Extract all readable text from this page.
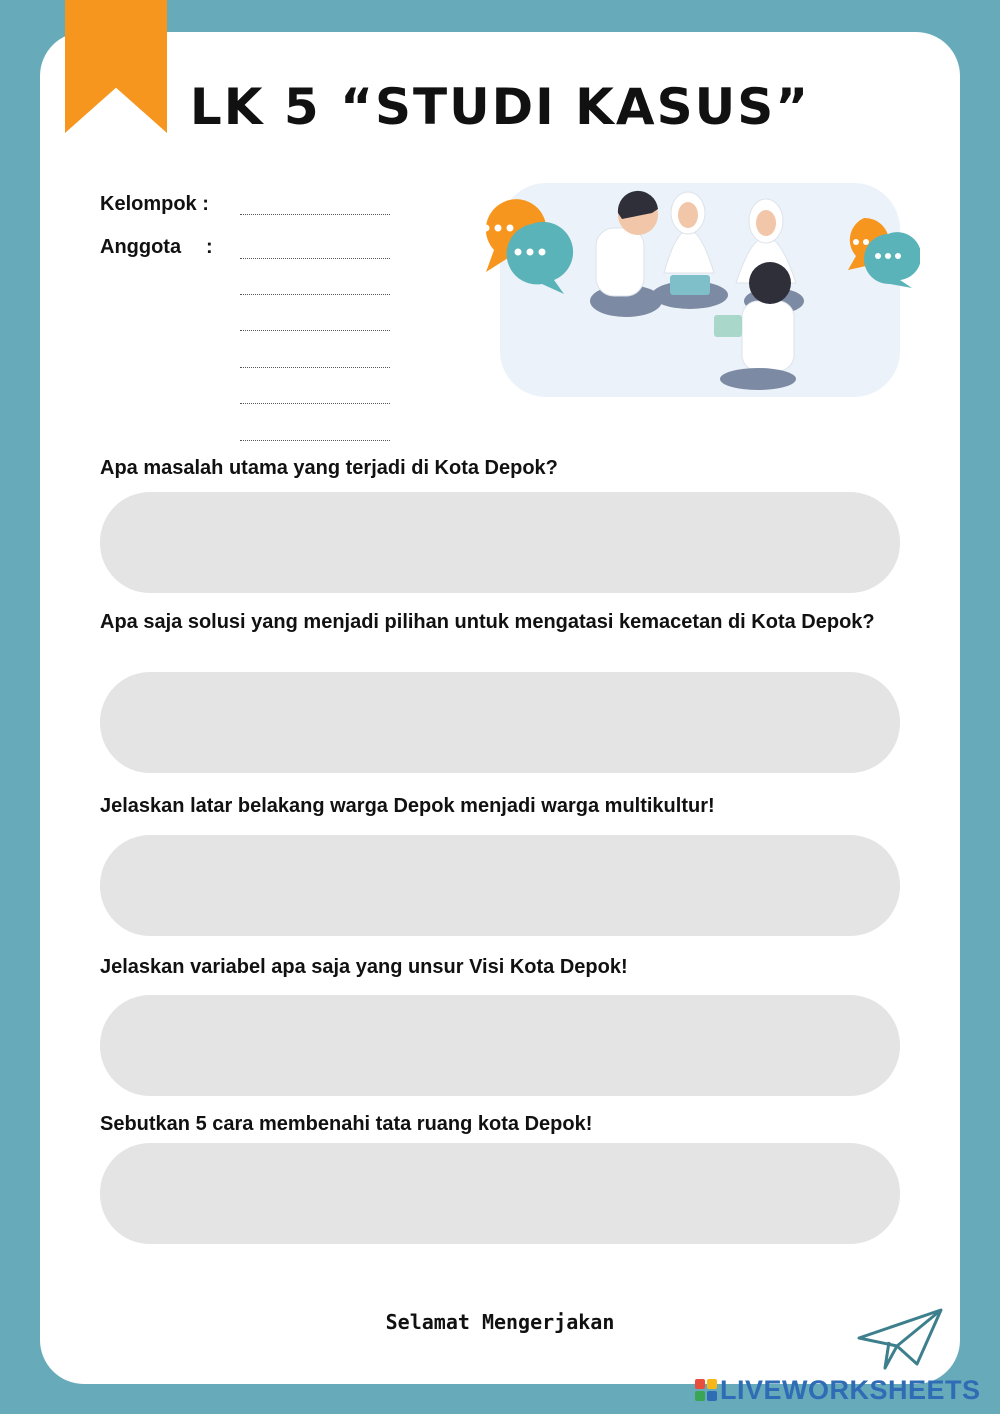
LK 5 “STUDI KASUS”
Kelompok :
Anggota :
Apa masalah utama yang terjadi di Kota Depok?
Apa saja solusi yang menjadi pilihan untuk mengatasi kemacetan di Kota Depok?
Jelaskan latar belakang warga Depok menjadi warga multikultur!
Jelaskan variabel apa saja yang unsur Visi Kota Depok!
Sebutkan 5 cara membenahi tata ruang kota Depok!
Selamat Mengerjakan
LIVEWORKSHEETS
